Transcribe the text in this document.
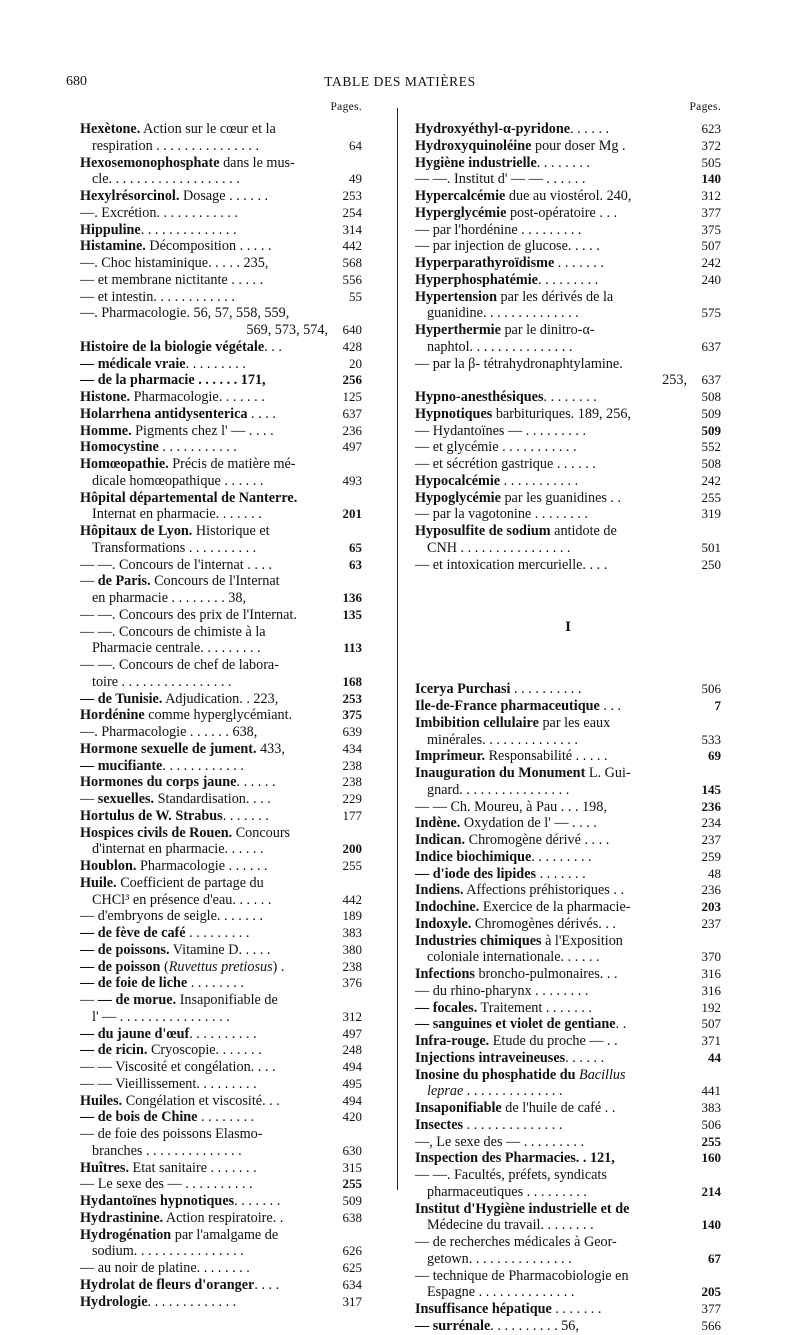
680	TABLE DES MATIÈRES
Pages.
Hexètone. Action sur le cœur et la
respiration . . . . . . . . . . . . . . .	64
Hexosemonophosphate dans le mus-
cle. . . . . . . . . . . . . . . . . . .	49
Hexylrésorcinol. Dosage . . . . . .	253
—. Excrétion. . . . . . . . . . . .	254
Hippuline. . . . . . . . . . . . . .	314
Histamine. Décomposition . . . . .	442
—. Choc histaminique. . . . . 235,	568
— et membrane nictitante . . . . .	556
— et intestin. . . . . . . . . . . .	55
—. Pharmacologie. 56, 57, 558, 559,
569, 573, 574, 640
Histoire de la biologie végétale. . .	428
— médicale vraie. . . . . . . . .	20
— de la pharmacie . . . . . . 171,	256
Histone. Pharmacologie. . . . . . .	125
Holarrhena antidysenterica . . . .	637
Homme. Pigments chez l' — . . . .	236
Homocystine . . . . . . . . . . .	497
Homœopathie. Précis de matière mé-
dicale homœopathique . . . . . .	493
Hôpital départemental de Nanterre.
Internat en pharmacie. . . . . . .	201
Hôpitaux de Lyon. Historique et
Transformations . . . . . . . . . .	65
— —. Concours de l'internat . . . .	63
— de Paris. Concours de l'Internat
en pharmacie . . . . . . . . 38,	136
— —. Concours des prix de l'Internat.	135
— —. Concours de chimiste à la
Pharmacie centrale. . . . . . . . .	113
— —. Concours de chef de labora-
toire . . . . . . . . . . . . . . . .	168
— de Tunisie. Adjudication. . 223,	253
Hordénine comme hyperglycémiant.	375
—. Pharmacologie . . . . . . 638,	639
Hormone sexuelle de jument. 433,	434
— mucifiante. . . . . . . . . . . .	238
Hormones du corps jaune. . . . . .	238
— sexuelles. Standardisation. . . .	229
Hortulus de W. Strabus. . . . . . .	177
Hospices civils de Rouen. Concours
d'internat en pharmacie. . . . . .	200
Houblon. Pharmacologie . . . . . .	255
Huile. Coefficient de partage du
CHCl³ en présence d'eau. . . . . .	442
— d'embryons de seigle. . . . . . .	189
— de fève de café . . . . . . . . .	383
— de poissons. Vitamine D. . . . .	380
— de poisson (Ruvettus pretiosus) .	238
— de foie de liche . . . . . . . .	376
— — de morue. Insaponifiable de
l' — . . . . . . . . . . . . . . . .	312
— du jaune d'œuf. . . . . . . . . .	497
— de ricin. Cryoscopie. . . . . . .	248
— — Viscosité et congélation. . . .	494
— — Vieillissement. . . . . . . . .	495
Huiles. Congélation et viscosité. . .	494
— de bois de Chine . . . . . . . .	420
— de foie des poissons Elasmo-
branches . . . . . . . . . . . . . .	630
Huîtres. Etat sanitaire . . . . . . .	315
— Le sexe des — . . . . . . . . . .	255
Hydantoïnes hypnotiques. . . . . . .	509
Hydrastinine. Action respiratoire. .	638
Hydrogénation par l'amalgame de
sodium. . . . . . . . . . . . . . . .	626
— au noir de platine. . . . . . . .	625
Hydrolat de fleurs d'oranger. . . .	634
Hydrologie. . . . . . . . . . . . .	317
Pages.
Hydroxyéthyl-α-pyridone. . . . . .	623
Hydroxyquinoléine pour doser Mg .	372
Hygiène industrielle. . . . . . . .	505
— —. Institut d' — — . . . . . .	140
Hypercalcémie due au viostérol. 240,	312
Hyperglycémie post-opératoire . . .	377
— par l'hordénine . . . . . . . . .	375
— par injection de glucose. . . . .	507
Hyperparathyroïdisme . . . . . . .	242
Hyperphosphatémie. . . . . . . . .	240
Hypertension par les dérivés de la
guanidine. . . . . . . . . . . . . .	575
Hyperthermie par le dinitro-α-
naphtol. . . . . . . . . . . . . . .	637
— par la β- tétrahydronaphtylamine.
253, 637
Hypno-anesthésiques. . . . . . . .	508
Hypnotiques barbituriques. 189, 256,	509
— Hydantoïnes — . . . . . . . . .	509
— et glycémie . . . . . . . . . . .	552
— et sécrétion gastrique . . . . . .	508
Hypocalcémie . . . . . . . . . . .	242
Hypoglycémie par les guanidines . .	255
— par la vagotonine . . . . . . . .	319
Hyposulfite de sodium antidote de
CNH . . . . . . . . . . . . . . . .	501
— et intoxication mercurielle. . . .	250
I
Icerya Purchasi . . . . . . . . . .	506
Ile-de-France pharmaceutique . . .	7
Imbibition cellulaire par les eaux
minérales. . . . . . . . . . . . . .	533
Imprimeur. Responsabilité . . . . .	69
Inauguration du Monument L. Gui-
gnard. . . . . . . . . . . . . . . .	145
— — Ch. Moureu, à Pau . . . 198,	236
Indène. Oxydation de l' — . . . .	234
Indican. Chromogène dérivé . . . .	237
Indice biochimique. . . . . . . . .	259
— d'iode des lipides . . . . . . .	48
Indiens. Affections préhistoriques . .	236
Indochine. Exercice de la pharmacie-	203
Indoxyle. Chromogènes dérivés. . .	237
Industries chimiques à l'Exposition
coloniale internationale. . . . . .	370
Infections broncho-pulmonaires. . .	316
— du rhino-pharynx . . . . . . . .	316
— focales. Traitement . . . . . . .	192
— sanguines et violet de gentiane. .	507
Infra-rouge. Etude du proche — . .	371
Injections intraveineuses. . . . . .	44
Inosine du phosphatide du Bacillus
leprae . . . . . . . . . . . . . .	441
Insaponifiable de l'huile de café . .	383
Insectes . . . . . . . . . . . . . .	506
—, Le sexe des — . . . . . . . . .	255
Inspection des Pharmacies. . 121,	160
— —. Facultés, préfets, syndicats
pharmaceutiques . . . . . . . . .	214
Institut d'Hygiène industrielle et de
Médecine du travail. . . . . . . .	140
— de recherches médicales à Geor-
getown. . . . . . . . . . . . . . .	67
— technique de Pharmacobiologie en
Espagne . . . . . . . . . . . . . .	205
Insuffisance hépatique . . . . . . .	377
— surrénale. . . . . . . . . . 56,	566
